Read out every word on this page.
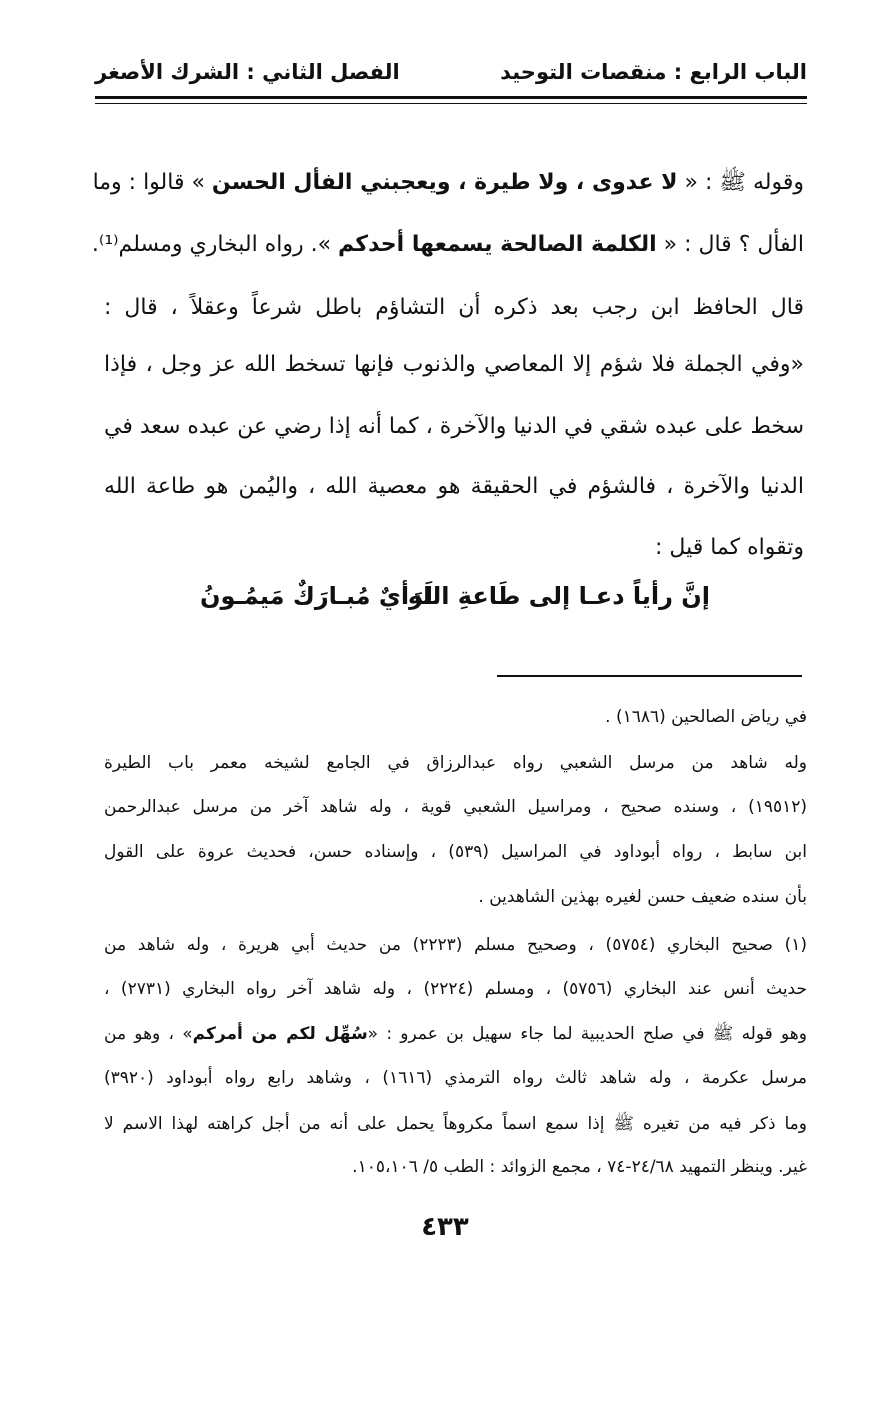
الباب الرابع : منقصات التوحيد
الفصل الثاني : الشرك الأصغر
وقوله ﷺ : « لا عدوى ، ولا طيرة ، ويعجبني الفأل الحسن » قالوا : وما
الفأل ؟ قال : « الكلمة الصالحة يسمعها أحدكم ». رواه البخاري ومسلم⁽¹⁾.
قال الحافظ ابن رجب بعد ذكره أن التشاؤم باطل شرعاً وعقلاً ، قال :
«وفي الجملة فلا شؤم إلا المعاصي والذنوب فإنها تسخط الله عز وجل ، فإذا
سخط على عبده شقي في الدنيا والآخرة ، كما أنه إذا رضي عن عبده سعد في
الدنيا والآخرة ، فالشؤم في الحقيقة هو معصية الله ، واليُمن هو طاعة الله
وتقواه كما قيل :
إنَّ رأياً دعـا إلى طَاعةِ الله
لَرَأيٌ مُبـارَكٌ مَيمُـونُ
في رياض الصالحين (١٦٨٦) .
وله شاهد من مرسل الشعبي رواه عبدالرزاق في الجامع لشيخه معمر باب الطيرة
(١٩٥١٢) ، وسنده صحيح ، ومراسيل الشعبي قوية ، وله شاهد آخر من مرسل عبدالرحمن
ابن سابط ، رواه أبوداود في المراسيل (٥٣٩) ، وإسناده حسن، فحديث عروة على القول
بأن سنده ضعيف حسن لغيره بهذين الشاهدين .
(١) صحيح البخاري (٥٧٥٤) ، وصحيح مسلم (٢٢٢٣) من حديث أبي هريرة ، وله شاهد من
حديث أنس عند البخاري (٥٧٥٦) ، ومسلم (٢٢٢٤) ، وله شاهد آخر رواه البخاري (٢٧٣١) ،
وهو قوله ﷺ في صلح الحديبية لما جاء سهيل بن عمرو : «سُهِّل لكم من أمركم» ، وهو من
مرسل عكرمة ، وله شاهد ثالث رواه الترمذي (١٦١٦) ، وشاهد رابع رواه أبوداود (٣٩٢٠)
وما ذكر فيه من تغيره ﷺ إذا سمع اسماً مكروهاً يحمل على أنه من أجل كراهته لهذا الاسم لا
غير. وينظر التمهيد ٢٤/٦٨-٧٤ ، مجمع الزوائد : الطب ٥/ ١٠٥،١٠٦.
٤٣٣
